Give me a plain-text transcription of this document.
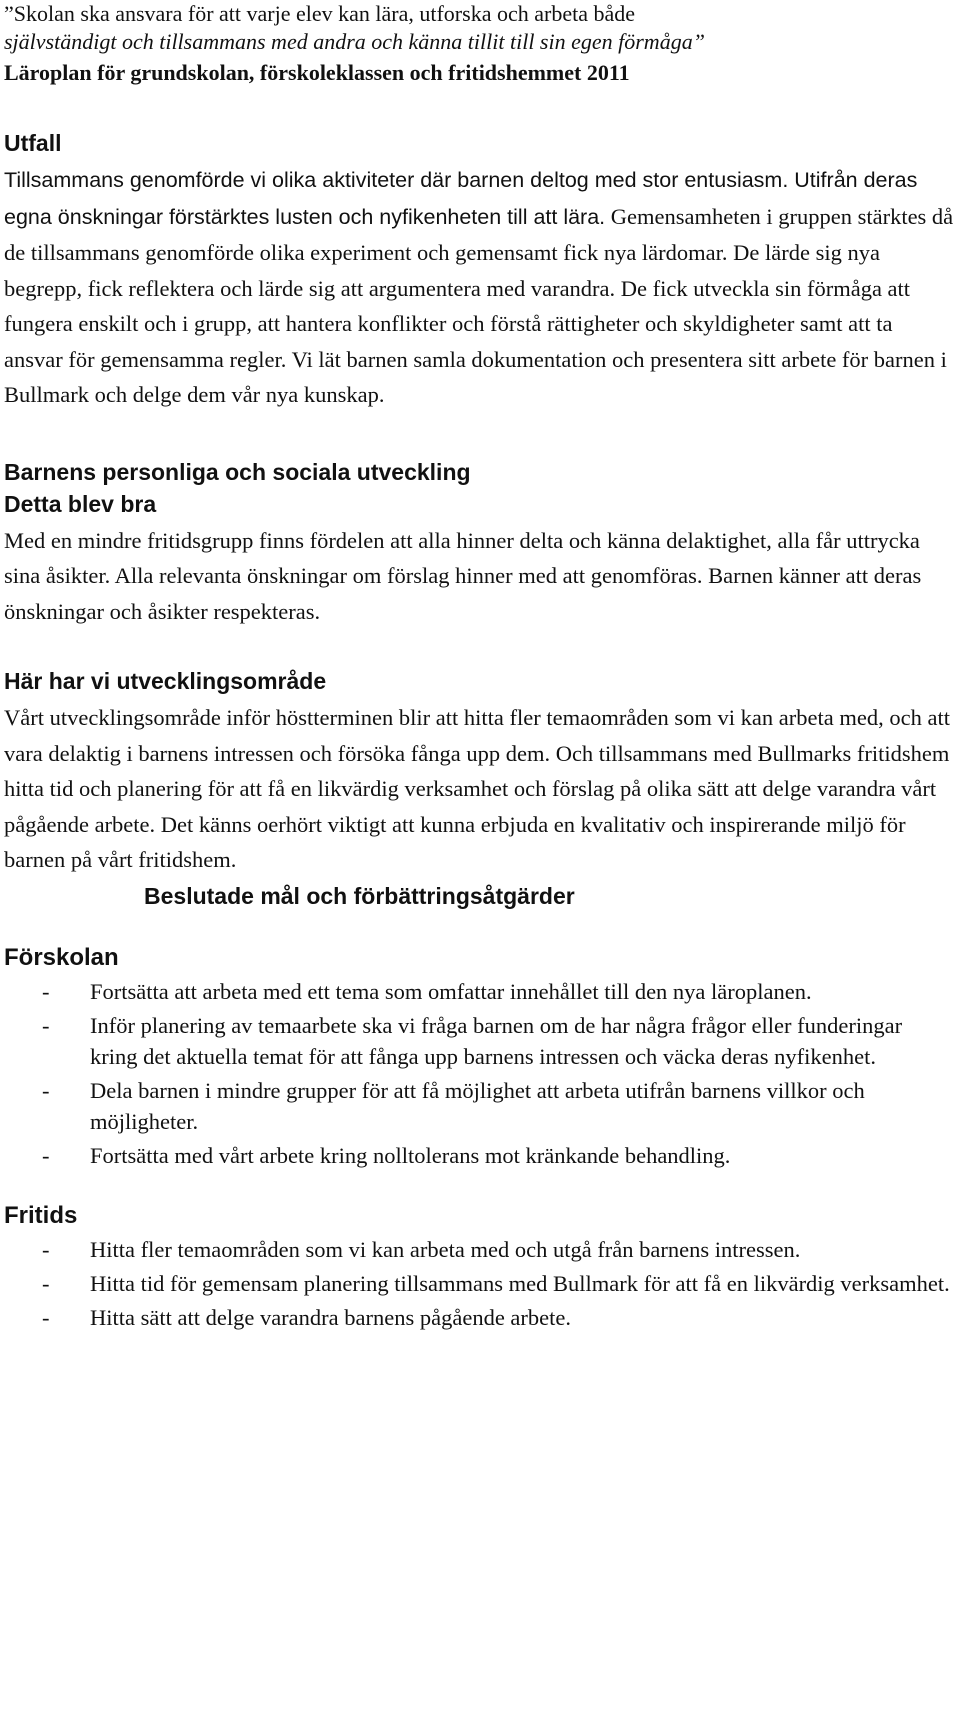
”Skolan ska ansvara för att varje elev kan lära, utforska och arbeta både

självständigt och tillsammans med andra och känna tillit till sin egen förmåga”

Läroplan för grundskolan, förskoleklassen och fritidshemmet 2011

Utfall

Tillsammans genomförde vi olika aktiviteter där barnen deltog med stor entusiasm. Utifrån deras egna önskningar förstärktes lusten och nyfikenheten till att lära. Gemensamheten i gruppen stärktes då de tillsammans genomförde olika experiment och gemensamt fick nya lärdomar. De lärde sig nya begrepp, fick reflektera och lärde sig att argumentera med varandra. De fick utveckla sin förmåga att fungera enskilt och i grupp, att hantera konflikter och förstå rättigheter och skyldigheter samt att ta ansvar för gemensamma regler. Vi lät barnen samla dokumentation och presentera sitt arbete för barnen i Bullmark och delge dem vår nya kunskap.

Barnens personliga och sociala utveckling
Detta blev bra

Med en mindre fritidsgrupp finns fördelen att alla hinner delta och känna delaktighet, alla får uttrycka sina åsikter. Alla relevanta önskningar om förslag hinner med att genomföras. Barnen känner att deras önskningar och åsikter respekteras.

Här har vi utvecklingsområde

Vårt utvecklingsområde inför höstterminen blir att hitta fler temaområden som vi kan arbeta med, och att vara delaktig i barnens intressen och försöka fånga upp dem. Och tillsammans med Bullmarks fritidshem hitta tid och planering för att få en likvärdig verksamhet och förslag på olika sätt att delge varandra vårt pågående arbete. Det känns oerhört viktigt att kunna erbjuda en kvalitativ och inspirerande miljö för barnen på vårt fritidshem.

Beslutade mål och förbättringsåtgärder
Förskolan
- Fortsätta att arbeta med ett tema som omfattar innehållet till den nya läroplanen.
- Inför planering av temaarbete ska vi fråga barnen om de har några frågor eller funderingar kring det aktuella temat för att fånga upp barnens intressen och väcka deras nyfikenhet.
- Dela barnen i mindre grupper för att få möjlighet att arbeta utifrån barnens villkor och möjligheter.
- Fortsätta med vårt arbete kring nolltolerans mot kränkande behandling.
Fritids
- Hitta fler temaområden som vi kan arbeta med och utgå från barnens intressen.
- Hitta tid för gemensam planering tillsammans med Bullmark för att få en likvärdig verksamhet.
- Hitta sätt att delge varandra barnens pågående arbete.
